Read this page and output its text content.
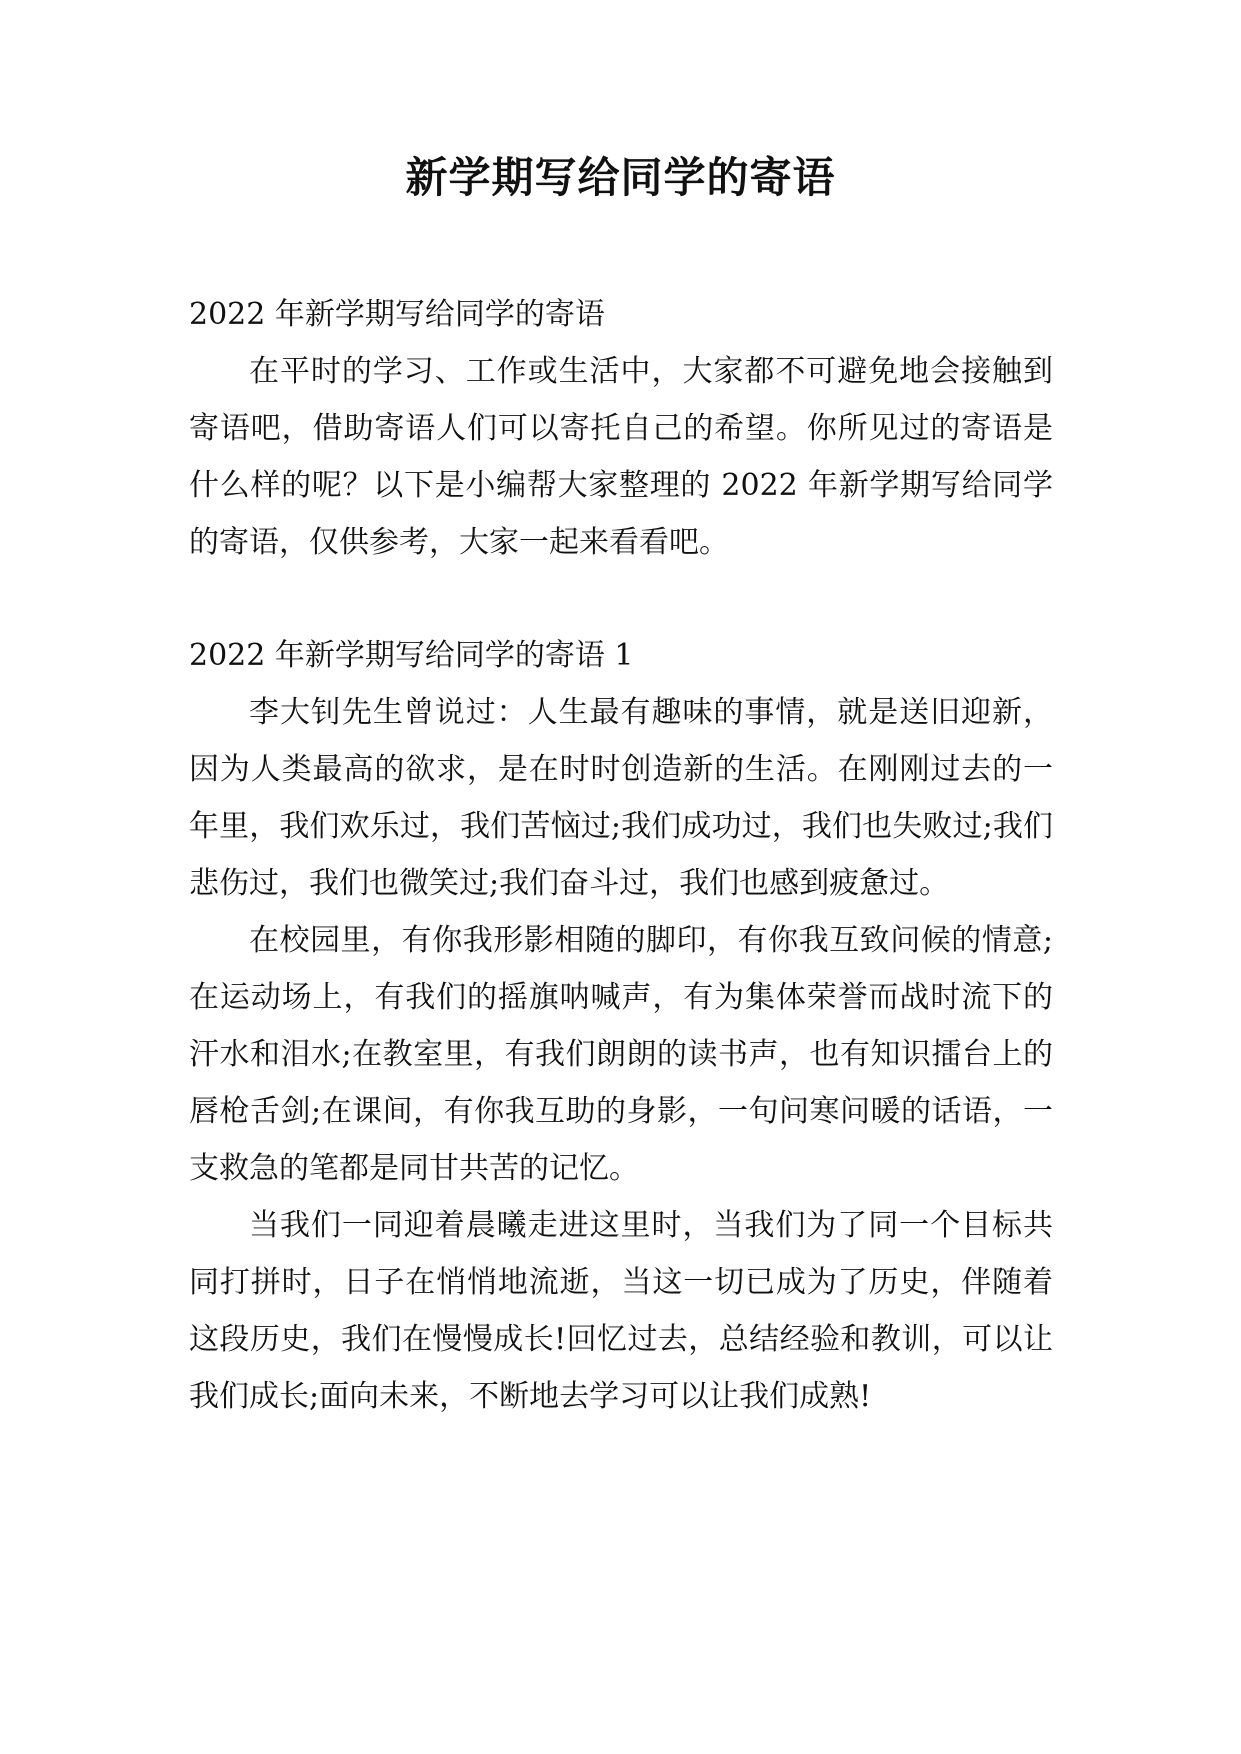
新学期写给同学的寄语

2022 年新学期写给同学的寄语

在平时的学习、工作或生活中，大家都不可避免地会接触到寄语吧，借助寄语人们可以寄托自己的希望。你所见过的寄语是什么样的呢？以下是小编帮大家整理的 2022 年新学期写给同学的寄语，仅供参考，大家一起来看看吧。

2022 年新学期写给同学的寄语 1

李大钊先生曾说过：人生最有趣味的事情，就是送旧迎新，因为人类最高的欲求，是在时时创造新的生活。在刚刚过去的一年里，我们欢乐过，我们苦恼过;我们成功过，我们也失败过;我们悲伤过，我们也微笑过;我们奋斗过，我们也感到疲惫过。

在校园里，有你我形影相随的脚印，有你我互致问候的情意;在运动场上，有我们的摇旗呐喊声，有为集体荣誉而战时流下的汗水和泪水;在教室里，有我们朗朗的读书声，也有知识擂台上的唇枪舌剑;在课间，有你我互助的身影，一句问寒问暖的话语，一支救急的笔都是同甘共苦的记忆。

当我们一同迎着晨曦走进这里时，当我们为了同一个目标共同打拼时，日子在悄悄地流逝，当这一切已成为了历史，伴随着这段历史，我们在慢慢成长!回忆过去，总结经验和教训，可以让我们成长;面向未来，不断地去学习可以让我们成熟!
